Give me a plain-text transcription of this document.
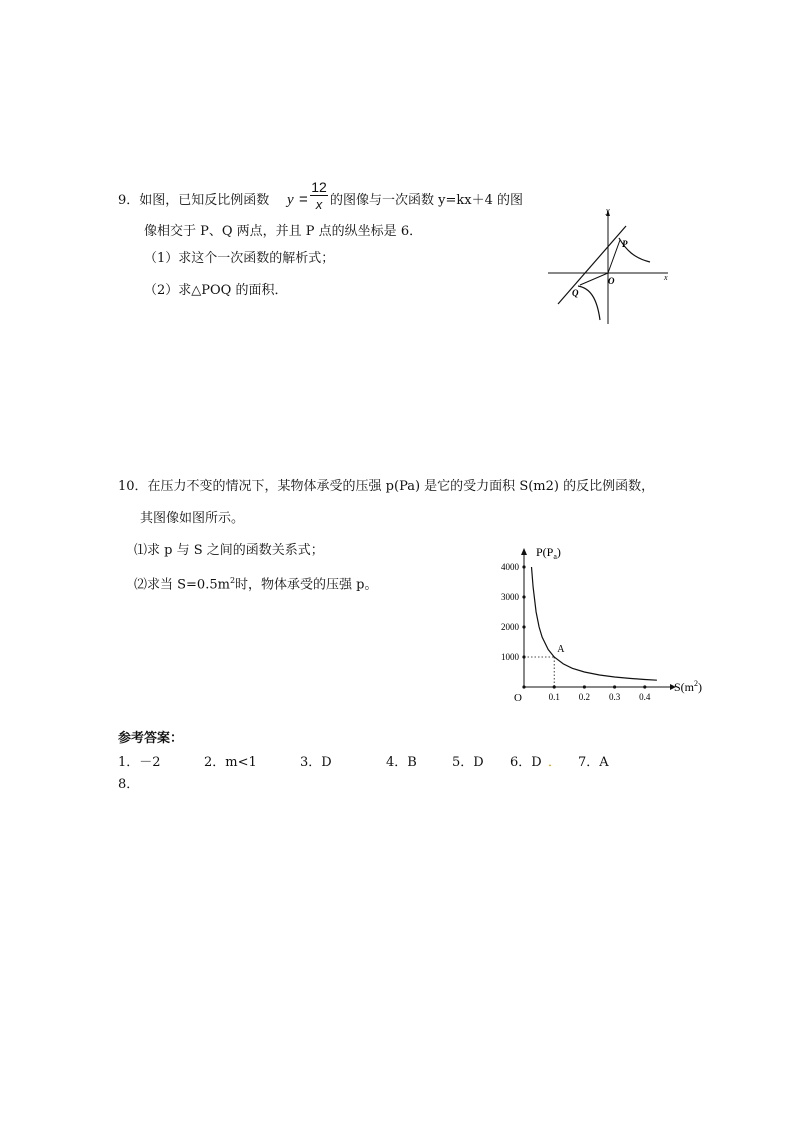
9．如图，已知反比例函数 $y = \frac{12}{x}$ 的图像与一次函数 y=kx＋4 的图
像相交于 P、Q 两点，并且 P 点的纵坐标是 6．
（1）求这个一次函数的解析式；
（2）求△POQ 的面积．
y
x
P
O
Q
10．在压力不变的情况下，某物体承受的压强 p(Pa) 是它的受力面积 S(m2) 的反比例函数，
其图像如图所示。
⑴求 p 与 S 之间的函数关系式；
⑵求当 $S=0.5m^2$时，物体承受的压强 p。
1000
2000
3000
4000
0.1 0.2 0.3 0.4
O
A
$P(P_a)$
$S(m^2)$
参考答案：
1．－2	2．m<1	3．D	4．B	5．D 6．D ． 7．A
8．
